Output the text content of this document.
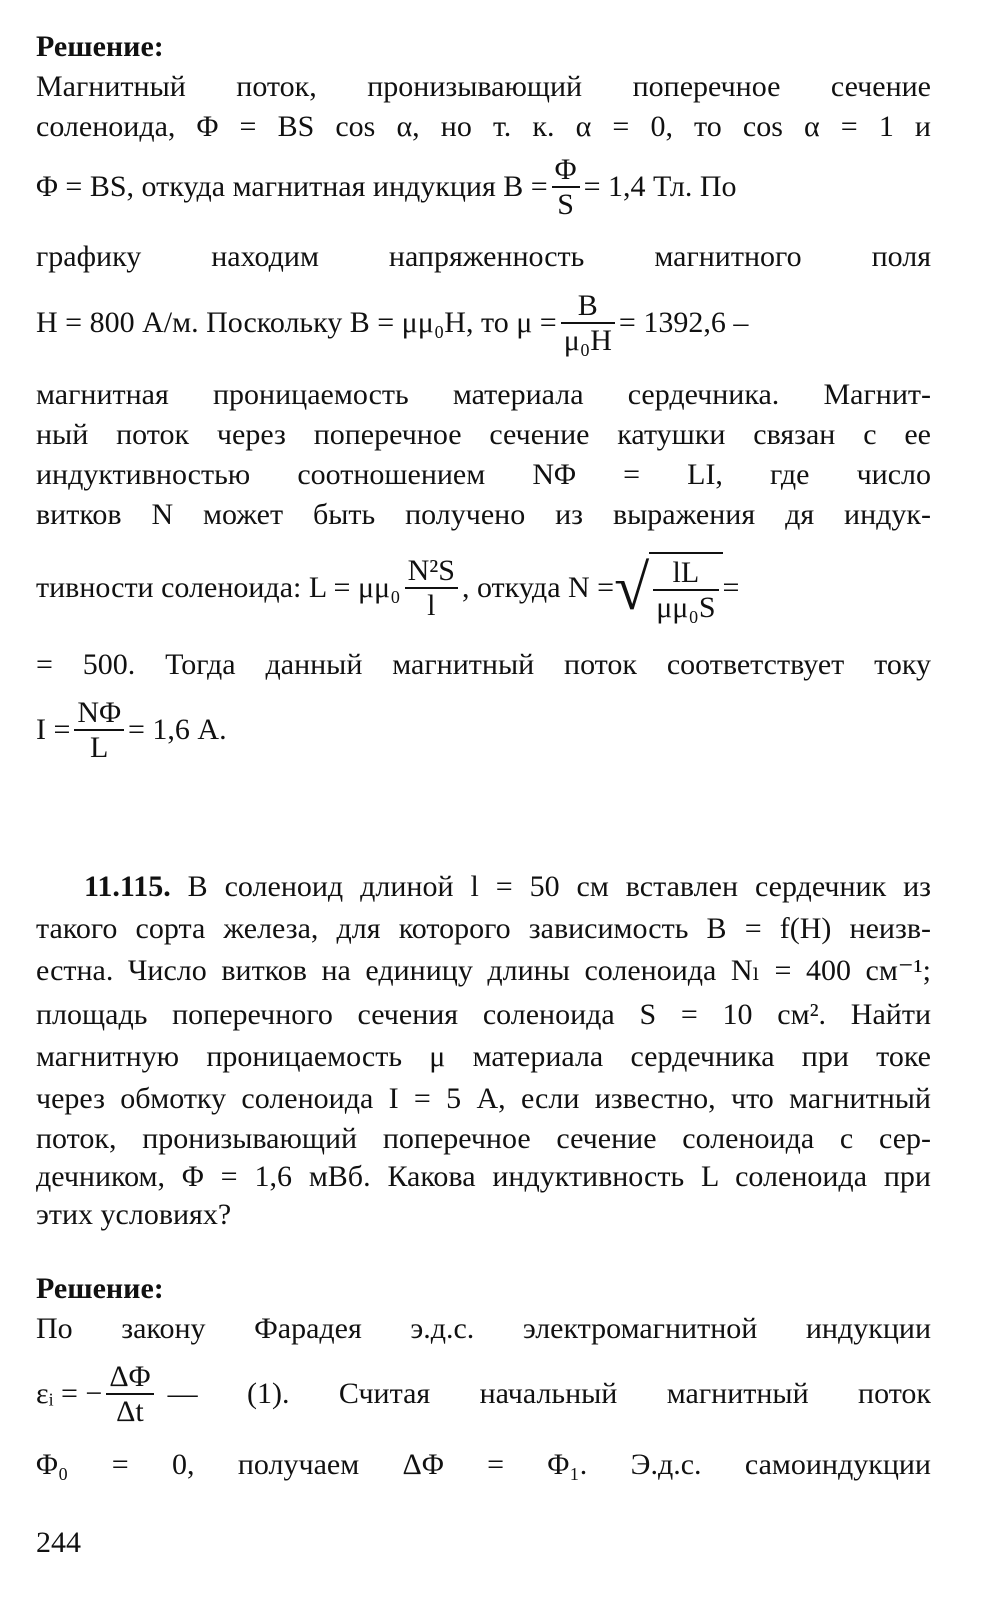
Решение:
Магнитный поток, пронизывающий поперечное сечение
соленоида, Φ = BS cos α, но т. к. α = 0, то cos α = 1 и
Φ = BS, откуда магнитная индукция $B = \frac{\Phi}{S} = 1,4$ Тл. По
графику находим напряженность магнитного поля
H = 800 А/м. Поскольку B = μμ₀H, то $\mu = \frac{B}{\text{μ₀H}} = 1392,6$ –
магнитная проницаемость материала сердечника. Магнит-
ный поток через поперечное сечение катушки связан с ее
индуктивностью соотношением NΦ = LI, где число
витков N может быть получено из выражения дя индук-
тивности соленоида: $L = \mu\mu_0 \frac{\text{N²S}}{l}$ , откуда N = √ $\frac{lL}{\text{μμ₀S}}$ =
= 500. Тогда данный магнитный поток соответствует току
$I = \frac{N\Phi}{L} = 1,6$ А.
11.115. В соленоид длиной l = 50 см вставлен сердечник из
такого сорта железа, для которого зависимость B = f(H) неизв-
естна. Число витков на единицу длины соленоида Nₗ = 400 см⁻¹;
площадь поперечного сечения соленоида S = 10 см². Найти
магнитную проницаемость μ материала сердечника при токе
через обмотку соленоида I = 5 А, если известно, что магнитный
поток, пронизывающий поперечное сечение соленоида с сер-
дечником, Φ = 1,6 мВб. Какова индуктивность L соленоида при
этих условиях?
Решение:
По закону Фарадея э.д.с. электромагнитной индукции
εᵢ = − $\frac{\Delta\Phi}{\Delta t}$ — (1). Считая начальный магнитный поток
Φ₀ = 0, получаем ΔΦ = Φ₁. Э.д.с. самоиндукции
244
